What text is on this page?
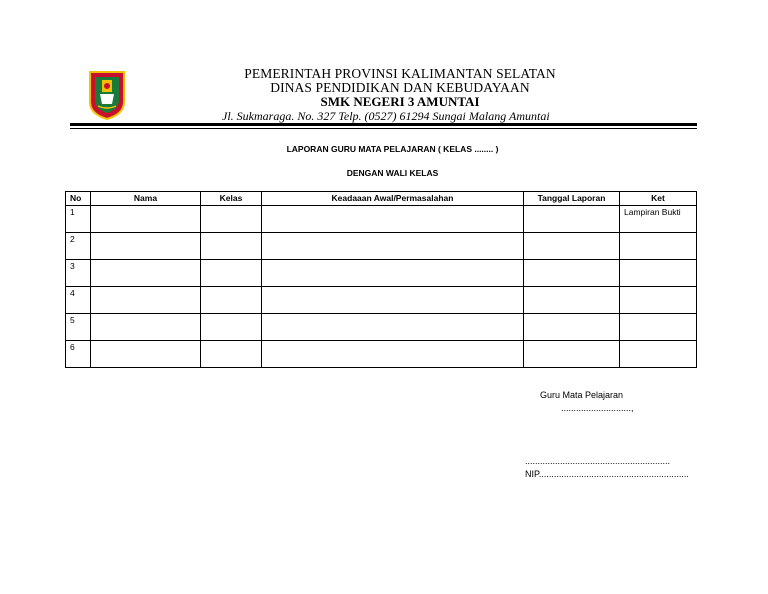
PEMERINTAH PROVINSI KALIMANTAN SELATAN
DINAS PENDIDIKAN DAN KEBUDAYAAN
SMK NEGERI 3 AMUNTAI
Jl. Sukmaraga. No. 327 Telp. (0527) 61294 Sungai Malang Amuntai
LAPORAN GURU MATA PELAJARAN ( KELAS ........ )
DENGAN WALI KELAS
No	Nama	Kelas	Keadaaan Awal/Permasalahan	Tanggal Laporan	Ket
1					Lampiran Bukti
2					
3					
4					
5					
6					
Guru Mata Pelajaran
............................,
..........................................................
NIP............................................................
